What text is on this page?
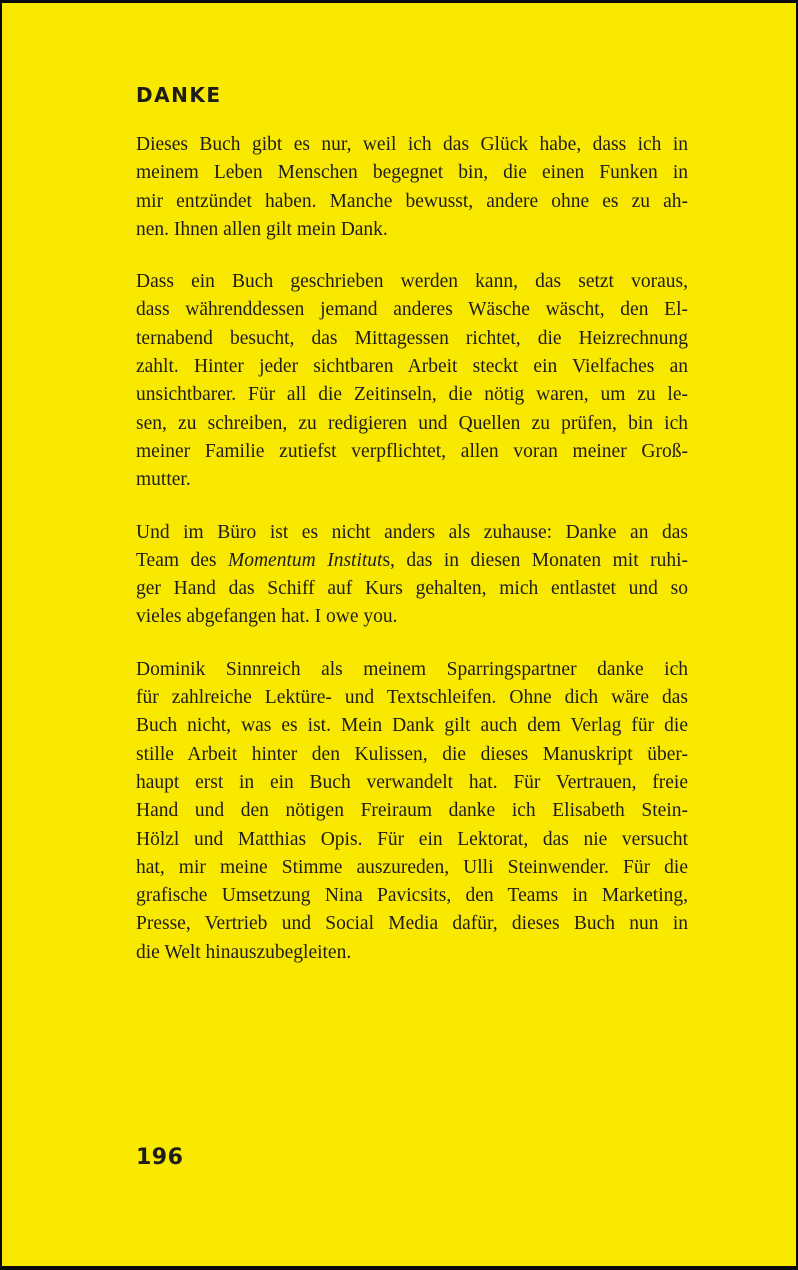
DANKE

Dieses Buch gibt es nur, weil ich das Glück habe, dass ich in
meinem Leben Menschen begegnet bin, die einen Funken in
mir entzündet haben. Manche bewusst, andere ohne es zu ah-
nen. Ihnen allen gilt mein Dank.

Dass ein Buch geschrieben werden kann, das setzt voraus,
dass währenddessen jemand anderes Wäsche wäscht, den El-
ternabend besucht, das Mittagessen richtet, die Heizrechnung
zahlt. Hinter jeder sichtbaren Arbeit steckt ein Vielfaches an
unsichtbarer. Für all die Zeitinseln, die nötig waren, um zu le-
sen, zu schreiben, zu redigieren und Quellen zu prüfen, bin ich
meiner Familie zutiefst verpflichtet, allen voran meiner Groß-
mutter.

Und im Büro ist es nicht anders als zuhause: Danke an das
Team des Momentum Instituts, das in diesen Monaten mit ruhi-
ger Hand das Schiff auf Kurs gehalten, mich entlastet und so
vieles abgefangen hat. I owe you.

Dominik Sinnreich als meinem Sparringspartner danke ich
für zahlreiche Lektüre- und Textschleifen. Ohne dich wäre das
Buch nicht, was es ist. Mein Dank gilt auch dem Verlag für die
stille Arbeit hinter den Kulissen, die dieses Manuskript über-
haupt erst in ein Buch verwandelt hat. Für Vertrauen, freie
Hand und den nötigen Freiraum danke ich Elisabeth Stein-
Hölzl und Matthias Opis. Für ein Lektorat, das nie versucht
hat, mir meine Stimme auszureden, Ulli Steinwender. Für die
grafische Umsetzung Nina Pavicsits, den Teams in Marketing,
Presse, Vertrieb und Social Media dafür, dieses Buch nun in
die Welt hinauszubegleiten.

196
